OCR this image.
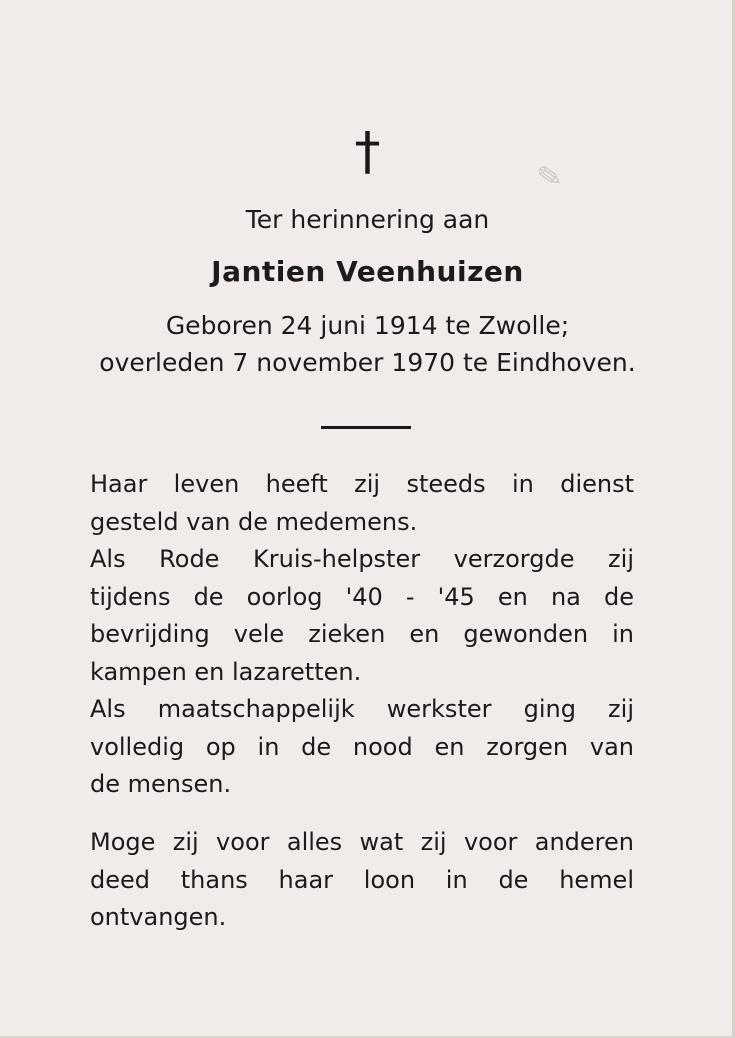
✎
†
Ter herinnering aan
Jantien Veenhuizen
Geboren 24 juni 1914 te Zwolle;
overleden 7 november 1970 te Eindhoven.
Haar leven heeft zij steeds in dienst
gesteld van de medemens.
Als Rode Kruis-helpster verzorgde zij
tijdens de oorlog '40 - '45 en na de
bevrijding vele zieken en gewonden in
kampen en lazaretten.
Als maatschappelijk werkster ging zij
volledig op in de nood en zorgen van
de mensen.
Moge zij voor alles wat zij voor anderen
deed thans haar loon in de hemel
ontvangen.
